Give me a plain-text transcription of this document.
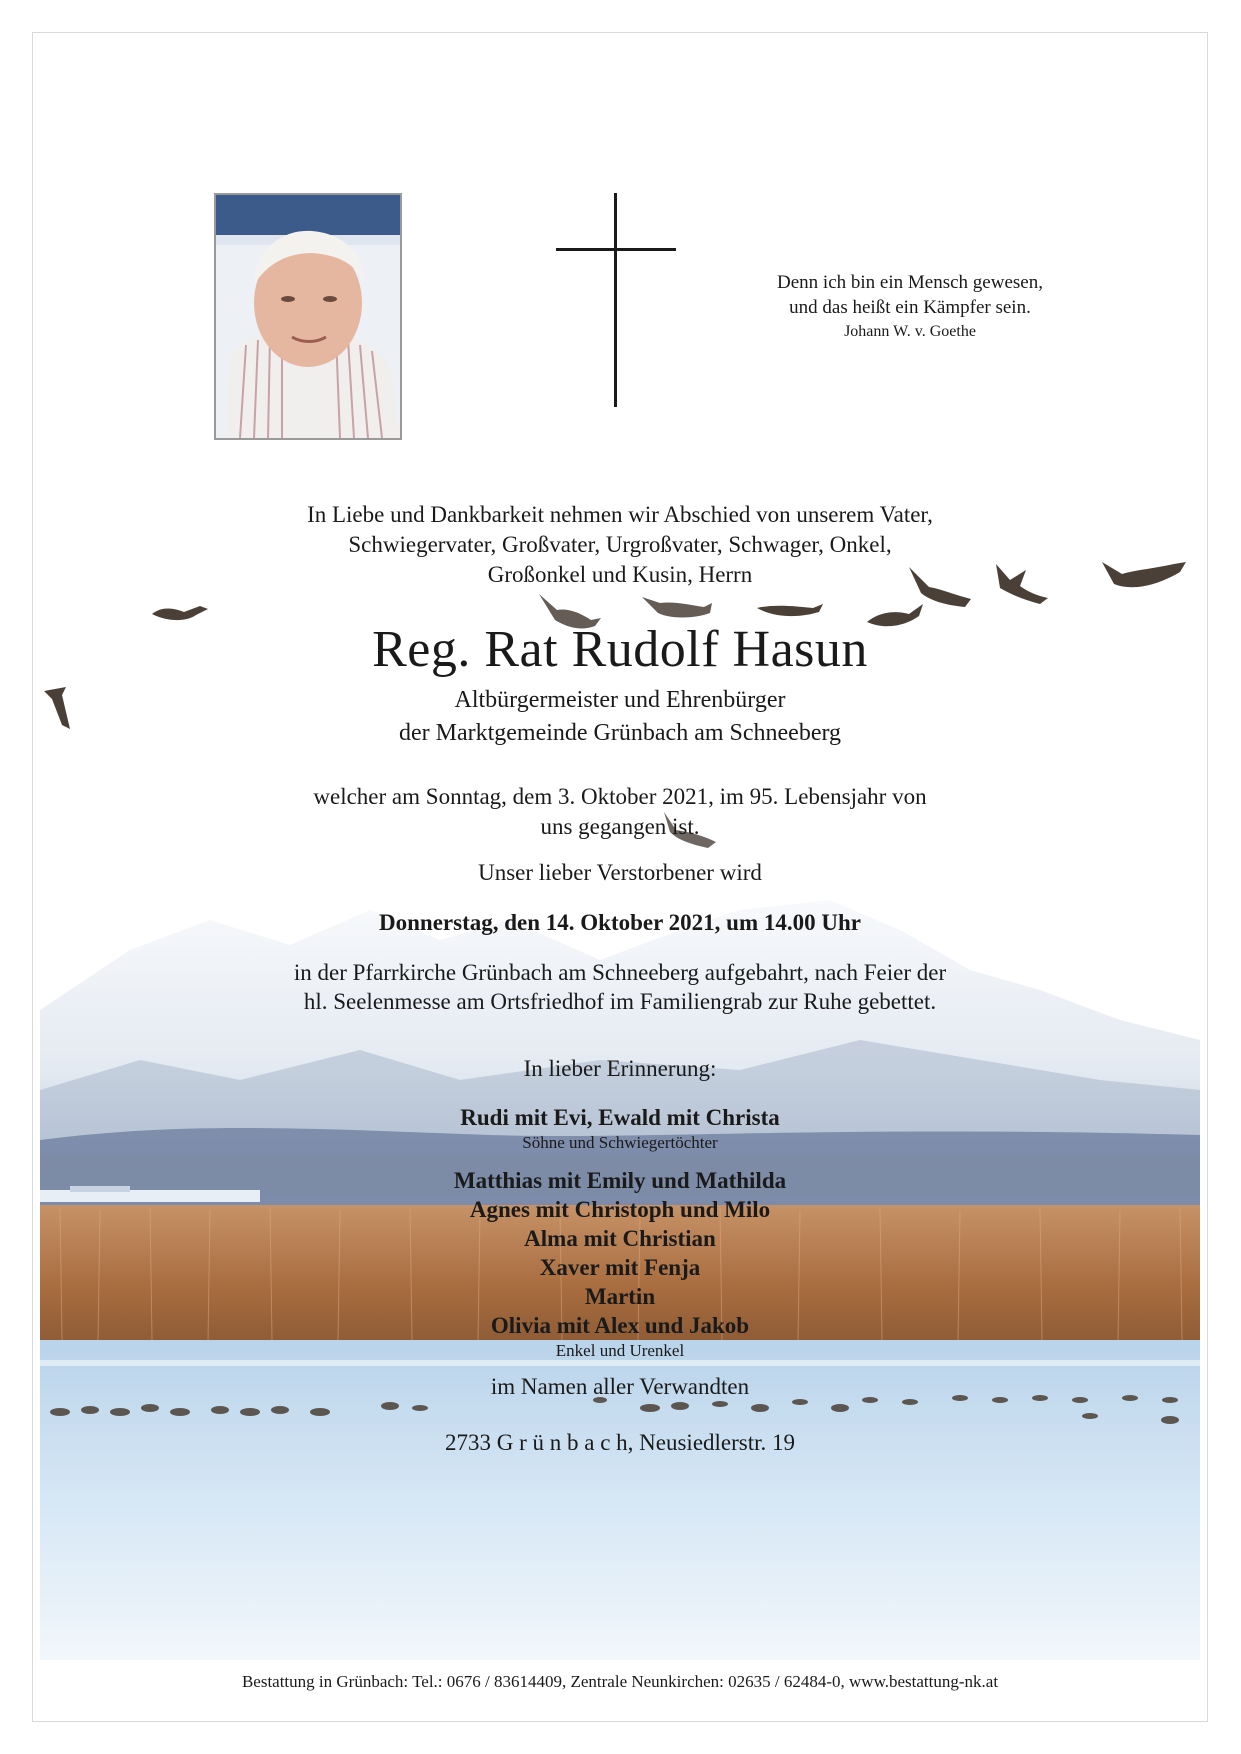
Denn ich bin ein Mensch gewesen,
und das heißt ein Kämpfer sein.
Johann W. v. Goethe
In Liebe und Dankbarkeit nehmen wir Abschied von unserem Vater,
Schwiegervater, Großvater, Urgroßvater, Schwager, Onkel,
Großonkel und Kusin, Herrn
Reg. Rat Rudolf Hasun
Altbürgermeister und Ehrenbürger
der Marktgemeinde Grünbach am Schneeberg
welcher am Sonntag, dem 3. Oktober 2021, im 95. Lebensjahr von
uns gegangen ist.
Unser lieber Verstorbener wird
Donnerstag, den 14. Oktober 2021, um 14.00 Uhr
in der Pfarrkirche Grünbach am Schneeberg aufgebahrt, nach Feier der
hl. Seelenmesse am Ortsfriedhof im Familiengrab zur Ruhe gebettet.
In lieber Erinnerung:
Rudi mit Evi, Ewald mit Christa
Söhne und Schwiegertöchter
Matthias mit Emily und Mathilda
Agnes mit Christoph und Milo
Alma mit Christian
Xaver mit Fenja
Martin
Olivia mit Alex und Jakob
Enkel und Urenkel
im Namen aller Verwandten
2733 G r ü n b a c h, Neusiedlerstr. 19
Bestattung in Grünbach: Tel.: 0676 / 83614409, Zentrale Neunkirchen: 02635 / 62484-0, www.bestattung-nk.at
